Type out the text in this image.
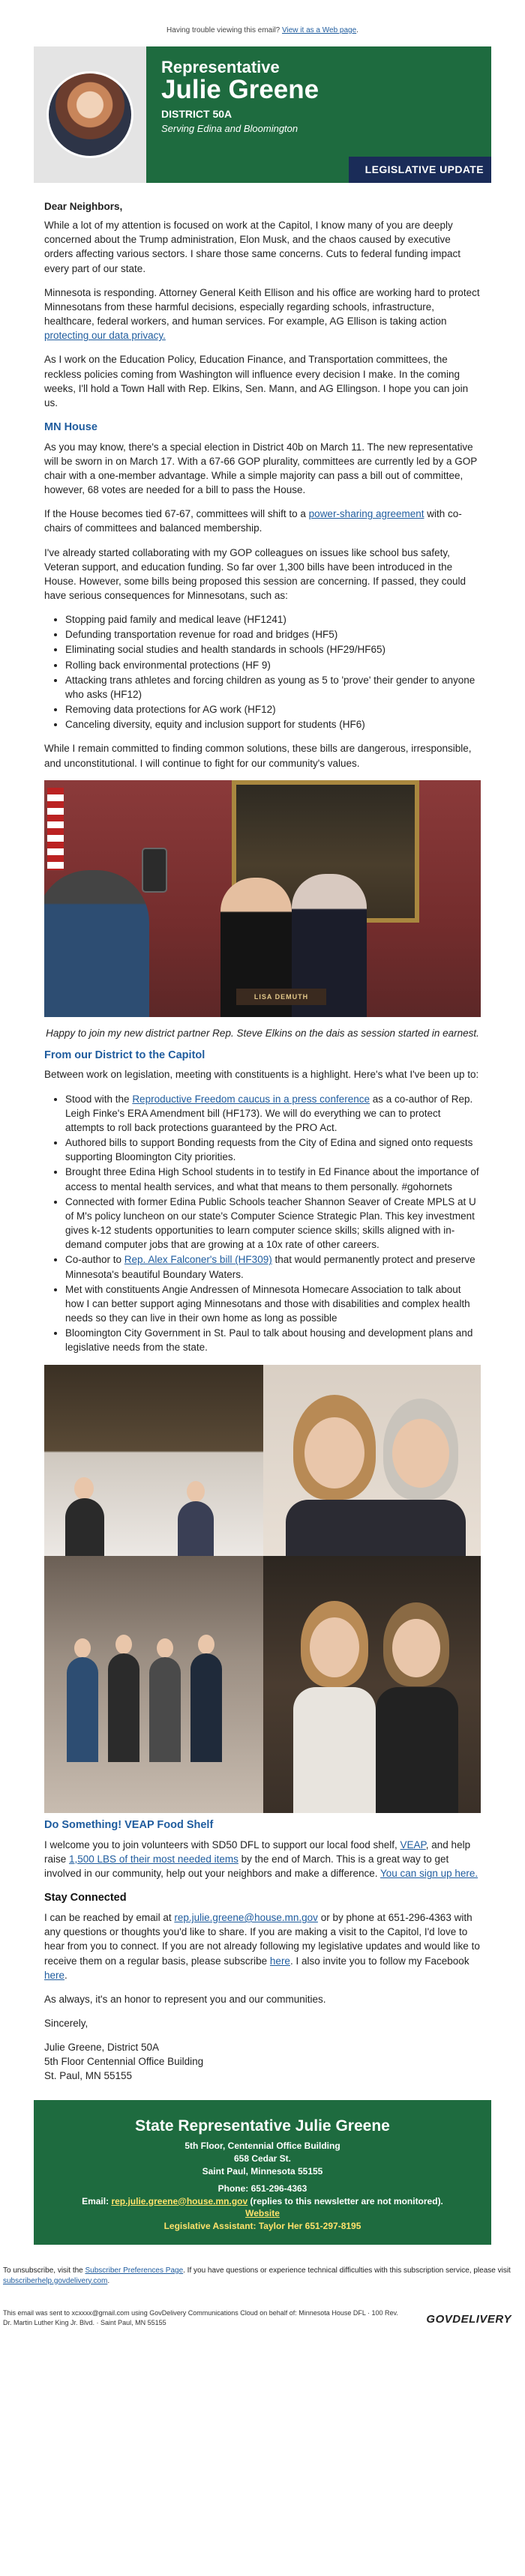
Having trouble viewing this email? View it as a Web page.
Representative
Julie Greene
DISTRICT 50A
Serving Edina and Bloomington
LEGISLATIVE UPDATE

Dear Neighbors,

While a lot of my attention is focused on work at the Capitol, I know many of you are deeply concerned about the Trump administration, Elon Musk, and the chaos caused by executive orders affecting various sectors. I share those same concerns. Cuts to federal funding impact every part of our state.

Minnesota is responding. Attorney General Keith Ellison and his office are working hard to protect Minnesotans from these harmful decisions, especially regarding schools, infrastructure, healthcare, federal workers, and human services. For example, AG Ellison is taking action protecting our data privacy.

As I work on the Education Policy, Education Finance, and Transportation committees, the reckless policies coming from Washington will influence every decision I make. In the coming weeks, I'll hold a Town Hall with Rep. Elkins, Sen. Mann, and AG Ellingson. I hope you can join us.

MN House

As you may know, there's a special election in District 40b on March 11. The new representative will be sworn in on March 17. With a 67-66 GOP plurality, committees are currently led by a GOP chair with a one-member advantage. While a simple majority can pass a bill out of committee, however, 68 votes are needed for a bill to pass the House.

If the House becomes tied 67-67, committees will shift to a power-sharing agreement with co-chairs of committees and balanced membership.

I've already started collaborating with my GOP colleagues on issues like school bus safety, Veteran support, and education funding. So far over 1,300 bills have been introduced in the House. However, some bills being proposed this session are concerning. If passed, they could have serious consequences for Minnesotans, such as:

• Stopping paid family and medical leave (HF1241)
• Defunding transportation revenue for road and bridges (HF5)
• Eliminating social studies and health standards in schools (HF29/HF65)
• Rolling back environmental protections (HF 9)
• Attacking trans athletes and forcing children as young as 5 to 'prove' their gender to anyone who asks (HF12)
• Removing data protections for AG work (HF12)
• Canceling diversity, equity and inclusion support for students (HF6)

While I remain committed to finding common solutions, these bills are dangerous, irresponsible, and unconstitutional. I will continue to fight for our community's values.

LISA DEMUTH

Happy to join my new district partner Rep. Steve Elkins on the dais as session started in earnest.

From our District to the Capitol

Between work on legislation, meeting with constituents is a highlight. Here's what I've been up to:

• Stood with the Reproductive Freedom caucus in a press conference as a co-author of Rep. Leigh Finke's ERA Amendment bill (HF173). We will do everything we can to protect attempts to roll back protections guaranteed by the PRO Act.
• Authored bills to support Bonding requests from the City of Edina and signed onto requests supporting Bloomington City priorities.
• Brought three Edina High School students in to testify in Ed Finance about the importance of access to mental health services, and what that means to them personally. #gohornets
• Connected with former Edina Public Schools teacher Shannon Seaver of Create MPLS at U of M's policy luncheon on our state's Computer Science Strategic Plan. This key investment gives k-12 students opportunities to learn computer science skills; skills aligned with in-demand computer jobs that are growing at a 10x rate of other careers.
• Co-author to Rep. Alex Falconer's bill (HF309) that would permanently protect and preserve Minnesota's beautiful Boundary Waters.
• Met with constituents Angie Andressen of Minnesota Homecare Association to talk about how I can better support aging Minnesotans and those with disabilities and complex health needs so they can live in their own home as long as possible
• Bloomington City Government in St. Paul to talk about housing and development plans and legislative needs from the state.
Do Something! VEAP Food Shelf

I welcome you to join volunteers with SD50 DFL to support our local food shelf, VEAP, and help raise 1,500 LBS of their most needed items by the end of March. This is a great way to get involved in our community, help out your neighbors and make a difference. You can sign up here.

Stay Connected

I can be reached by email at rep.julie.greene@house.mn.gov or by phone at 651-296-4363 with any questions or thoughts you'd like to share. If you are making a visit to the Capitol, I'd love to hear from you to connect. If you are not already following my legislative updates and would like to receive them on a regular basis, please subscribe here. I also invite you to follow my Facebook here.

As always, it's an honor to represent you and our communities.

Sincerely,

Julie Greene, District 50A
5th Floor Centennial Office Building
St. Paul, MN 55155
State Representative Julie Greene
5th Floor, Centennial Office Building
658 Cedar St.
Saint Paul, Minnesota 55155
Phone: 651-296-4363
Email: rep.julie.greene@house.mn.gov (replies to this newsletter are not monitored).
Website
Legislative Assistant: Taylor Her 651-297-8195
To unsubscribe, visit the Subscriber Preferences Page. If you have questions or experience technical difficulties with this subscription service, please visit subscriberhelp.govdelivery.com.
This email was sent to xcxxxx@gmail.com using GovDelivery Communications Cloud on behalf of: Minnesota House DFL · 100 Rev. Dr. Martin Luther King Jr. Blvd. · Saint Paul, MN 55155	GOVDELIVERY
